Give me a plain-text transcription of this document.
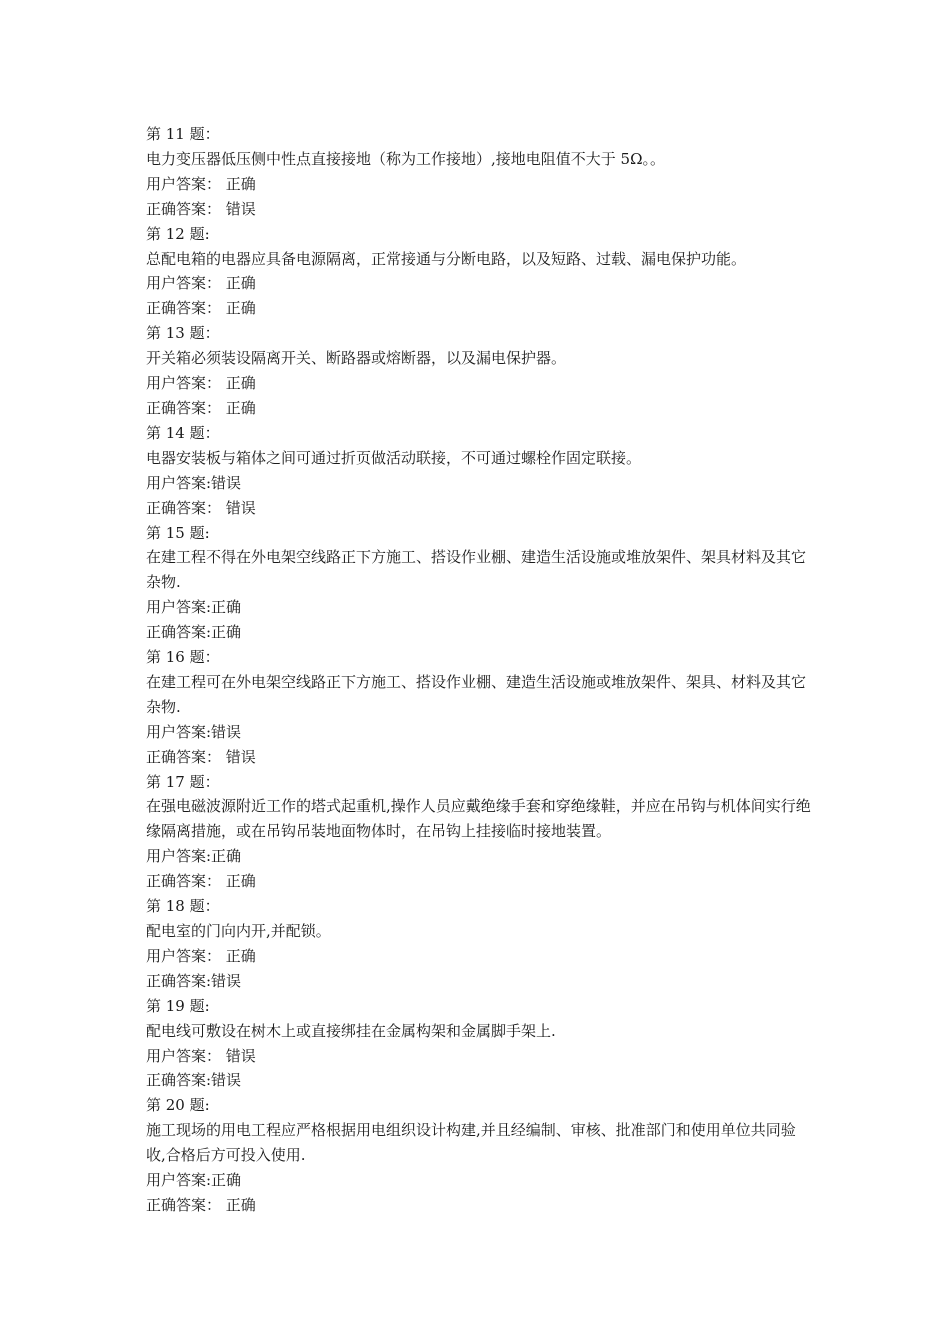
第 11 题：
电力变压器低压侧中性点直接接地（称为工作接地）,接地电阻值不大于 5Ω。。
用户答案： 正确
正确答案： 错误
第 12 题:
总配电箱的电器应具备电源隔离，正常接通与分断电路，以及短路、过载、漏电保护功能。
用户答案： 正确
正确答案： 正确
第 13 题：
开关箱必须装设隔离开关、断路器或熔断器，以及漏电保护器。
用户答案： 正确
正确答案： 正确
第 14 题：
电器安装板与箱体之间可通过折页做活动联接，不可通过螺栓作固定联接。
用户答案:错误
正确答案： 错误
第 15 题:
在建工程不得在外电架空线路正下方施工、搭设作业棚、建造生活设施或堆放架件、架具材料及其它杂物.
用户答案:正确
正确答案:正确
第 16 题：
在建工程可在外电架空线路正下方施工、搭设作业棚、建造生活设施或堆放架件、架具、材料及其它杂物.
用户答案:错误
正确答案： 错误
第 17 题：
在强电磁波源附近工作的塔式起重机,操作人员应戴绝缘手套和穿绝缘鞋，并应在吊钩与机体间实行绝缘隔离措施，或在吊钩吊装地面物体时，在吊钩上挂接临时接地装置。
用户答案:正确
正确答案： 正确
第 18 题：
配电室的门向内开,并配锁。
用户答案： 正确
正确答案:错误
第 19 题:
配电线可敷设在树木上或直接绑挂在金属构架和金属脚手架上.
用户答案： 错误
正确答案:错误
第 20 题:
施工现场的用电工程应严格根据用电组织设计构建,并且经编制、审核、批准部门和使用单位共同验收,合格后方可投入使用.
用户答案:正确
正确答案： 正确
